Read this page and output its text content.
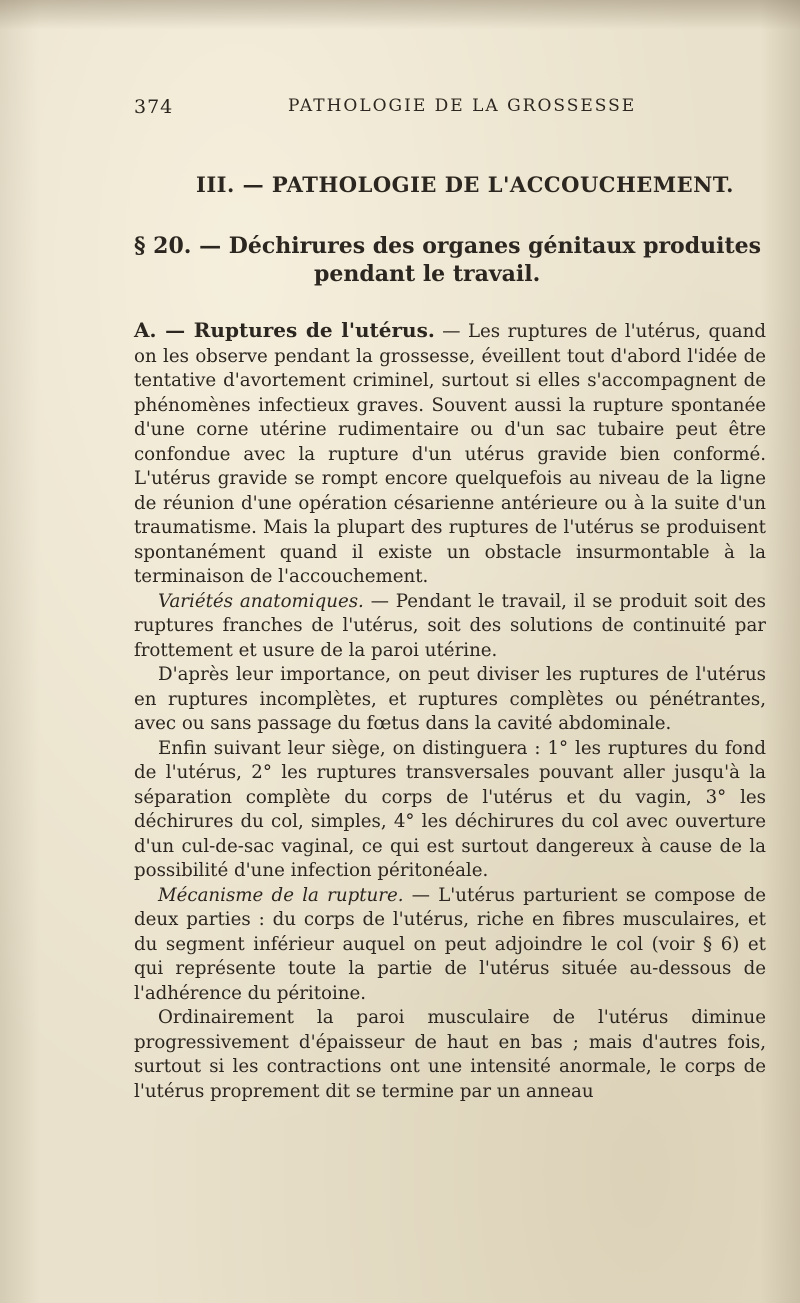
374	PATHOLOGIE DE LA GROSSESSE
III. — PATHOLOGIE DE L'ACCOUCHEMENT.
§ 20. — Déchirures des organes génitaux produites
pendant le travail.

A. — Ruptures de l'utérus. — Les ruptures de l'utérus, quand on les observe pendant la grossesse, éveillent tout d'abord l'idée de tentative d'avortement criminel, surtout si elles s'accompagnent de phénomènes infectieux graves. Souvent aussi la rupture spontanée d'une corne utérine rudimentaire ou d'un sac tubaire peut être confondue avec la rupture d'un utérus gravide bien conformé. L'utérus gravide se rompt encore quelquefois au niveau de la ligne de réunion d'une opération césarienne antérieure ou à la suite d'un traumatisme. Mais la plupart des ruptures de l'utérus se produisent spontanément quand il existe un obstacle insurmontable à la terminaison de l'accouchement.

Variétés anatomiques. — Pendant le travail, il se produit soit des ruptures franches de l'utérus, soit des solutions de continuité par frottement et usure de la paroi utérine.

D'après leur importance, on peut diviser les ruptures de l'utérus en ruptures incomplètes, et ruptures complètes ou pénétrantes, avec ou sans passage du fœtus dans la cavité abdominale.

Enfin suivant leur siège, on distinguera : 1° les ruptures du fond de l'utérus, 2° les ruptures transversales pouvant aller jusqu'à la séparation complète du corps de l'utérus et du vagin, 3° les déchirures du col, simples, 4° les déchirures du col avec ouverture d'un cul-de-sac vaginal, ce qui est surtout dangereux à cause de la possibilité d'une infection péritonéale.

Mécanisme de la rupture. — L'utérus parturient se compose de deux parties : du corps de l'utérus, riche en fibres musculaires, et du segment inférieur auquel on peut adjoindre le col (voir § 6) et qui représente toute la partie de l'utérus située au-dessous de l'adhérence du péritoine.

Ordinairement la paroi musculaire de l'utérus diminue progressivement d'épaisseur de haut en bas ; mais d'autres fois, surtout si les contractions ont une intensité anormale, le corps de l'utérus proprement dit se termine par un anneau
